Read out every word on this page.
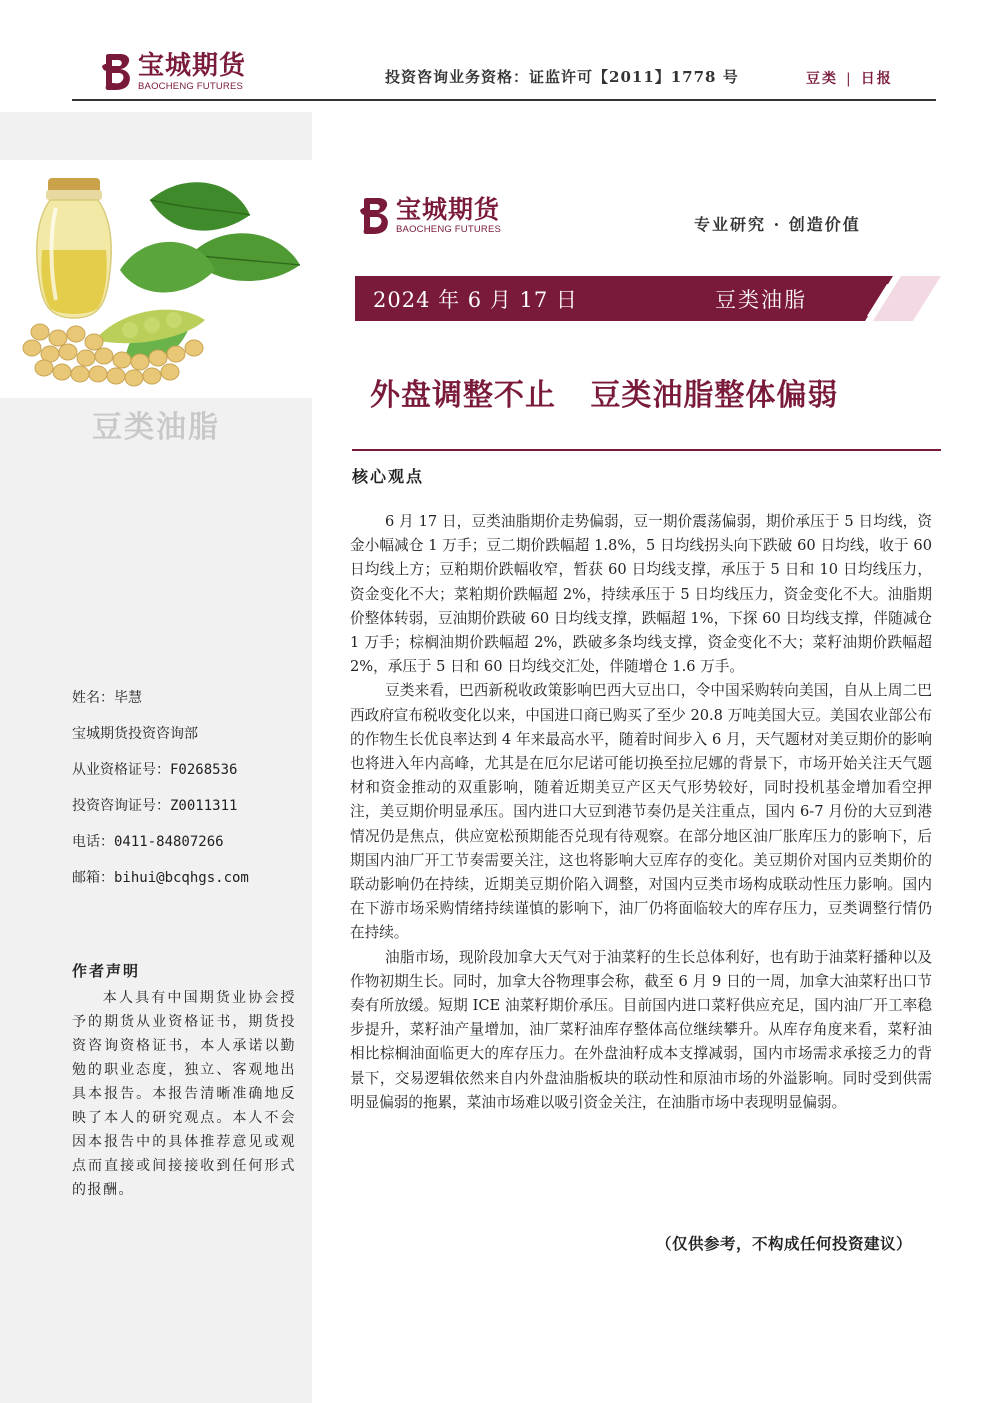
宝城期货
BAOCHENG FUTURES	投资咨询业务资格：证监许可【2011】1778 号	豆类 | 日报
豆类油脂
姓名：毕慧
宝城期货投资咨询部
从业资格证号：F0268536
投资咨询证号：Z0011311
电话：0411-84807266
邮箱：bihui@bcqhgs.com
作者声明
本人具有中国期货业协会授予的期货从业资格证书，期货投资咨询资格证书，本人承诺以勤勉的职业态度，独立、客观地出具本报告。本报告清晰准确地反映了本人的研究观点。本人不会因本报告中的具体推荐意见或观点而直接或间接接收到任何形式的报酬。
宝城期货
BAOCHENG FUTURES	专业研究 · 创造价值
2024 年 6 月 17 日	豆类油脂
外盘调整不止   豆类油脂整体偏弱
核心观点

6 月 17 日，豆类油脂期价走势偏弱，豆一期价震荡偏弱，期价承压于 5 日均线，资金小幅减仓 1 万手；豆二期价跌幅超 1.8%，5 日均线拐头向下跌破 60 日均线，收于 60 日均线上方；豆粕期价跌幅收窄，暂获 60 日均线支撑，承压于 5 日和 10 日均线压力，资金变化不大；菜粕期价跌幅超 2%，持续承压于 5 日均线压力，资金变化不大。油脂期价整体转弱，豆油期价跌破 60 日均线支撑，跌幅超 1%，下探 60 日均线支撑，伴随减仓 1 万手；棕榈油期价跌幅超 2%，跌破多条均线支撑，资金变化不大；菜籽油期价跌幅超 2%，承压于 5 日和 60 日均线交汇处，伴随增仓 1.6 万手。

豆类来看，巴西新税收政策影响巴西大豆出口，令中国采购转向美国，自从上周二巴西政府宣布税收变化以来，中国进口商已购买了至少 20.8 万吨美国大豆。美国农业部公布的作物生长优良率达到 4 年来最高水平，随着时间步入 6 月，天气题材对美豆期价的影响也将进入年内高峰，尤其是在厄尔尼诺可能切换至拉尼娜的背景下，市场开始关注天气题材和资金推动的双重影响，随着近期美豆产区天气形势较好，同时投机基金增加看空押注，美豆期价明显承压。国内进口大豆到港节奏仍是关注重点，国内 6-7 月份的大豆到港情况仍是焦点，供应宽松预期能否兑现有待观察。在部分地区油厂胀库压力的影响下，后期国内油厂开工节奏需要关注，这也将影响大豆库存的变化。美豆期价对国内豆类期价的联动影响仍在持续，近期美豆期价陷入调整，对国内豆类市场构成联动性压力影响。国内在下游市场采购情绪持续谨慎的影响下，油厂仍将面临较大的库存压力，豆类调整行情仍在持续。

油脂市场，现阶段加拿大天气对于油菜籽的生长总体利好，也有助于油菜籽播种以及作物初期生长。同时，加拿大谷物理事会称，截至 6 月 9 日的一周，加拿大油菜籽出口节奏有所放缓。短期 ICE 油菜籽期价承压。目前国内进口菜籽供应充足，国内油厂开工率稳步提升，菜籽油产量增加，油厂菜籽油库存整体高位继续攀升。从库存角度来看，菜籽油相比棕榈油面临更大的库存压力。在外盘油籽成本支撑减弱，国内市场需求承接乏力的背景下，交易逻辑依然来自内外盘油脂板块的联动性和原油市场的外溢影响。同时受到供需明显偏弱的拖累，菜油市场难以吸引资金关注，在油脂市场中表现明显偏弱。

（仅供参考，不构成任何投资建议）
